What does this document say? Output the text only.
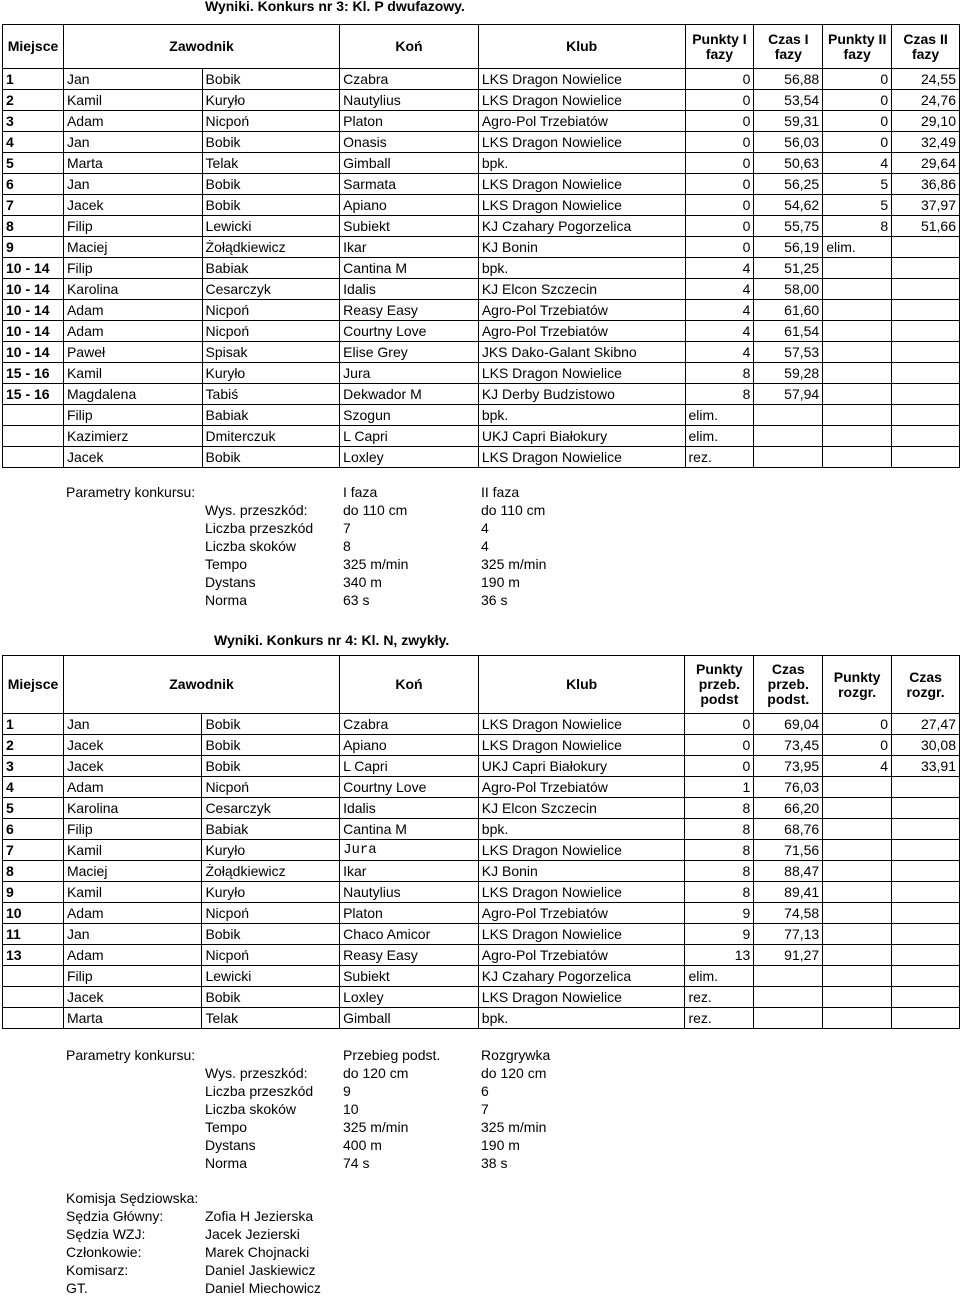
Wyniki. Konkurs nr 3: Kl. P dwufazowy.
Miejsce	Zawodnik		Koń	Klub	Punkty I fazy	Czas I fazy	Punkty II fazy	Czas II fazy
1	Jan	Bobik	Czabra	LKS Dragon Nowielice	0	56,88	0	24,55
2	Kamil	Kuryło	Nautylius	LKS Dragon Nowielice	0	53,54	0	24,76
3	Adam	Nicpoń	Platon	Agro-Pol Trzebiatów	0	59,31	0	29,10
4	Jan	Bobik	Onasis	LKS Dragon Nowielice	0	56,03	0	32,49
5	Marta	Telak	Gimball	bpk.	0	50,63	4	29,64
6	Jan	Bobik	Sarmata	LKS Dragon Nowielice	0	56,25	5	36,86
7	Jacek	Bobik	Apiano	LKS Dragon Nowielice	0	54,62	5	37,97
8	Filip	Lewicki	Subiekt	KJ Czahary Pogorzelica	0	55,75	8	51,66
9	Maciej	Żołądkiewicz	Ikar	KJ Bonin	0	56,19	elim.	
10 - 14	Filip	Babiak	Cantina M	bpk.	4	51,25		
10 - 14	Karolina	Cesarczyk	Idalis	KJ Elcon Szczecin	4	58,00		
10 - 14	Adam	Nicpoń	Reasy Easy	Agro-Pol Trzebiatów	4	61,60		
10 - 14	Adam	Nicpoń	Courtny Love	Agro-Pol Trzebiatów	4	61,54		
10 - 14	Paweł	Spisak	Elise Grey	JKS Dako-Galant Skibno	4	57,53		
15 - 16	Kamil	Kuryło	Jura	LKS Dragon Nowielice	8	59,28		
15 - 16	Magdalena	Tabiś	Dekwador M	KJ Derby Budzistowo	8	57,94		
	Filip	Babiak	Szogun	bpk.	elim.			
	Kazimierz	Dmiterczuk	L Capri	UKJ Capri Białokury	elim.			
	Jacek	Bobik	Loxley	LKS Dragon Nowielice	rez.			
Parametry konkursu:	I faza	II faza
Wys. przeszkód:	do 110 cm	do 110 cm
Liczba przeszkód 7	4
Liczba skoków	8	4
Tempo	325 m/min	325 m/min
Dystans	340 m	190 m
Norma	63 s	36 s
Wyniki. Konkurs nr 4: Kl. N, zwykły.
Miejsce	Zawodnik		Koń	Klub	Punkty przeb. podst	Czas przeb. podst.	Punkty rozgr.	Czas rozgr.
1	Jan	Bobik	Czabra	LKS Dragon Nowielice	0	69,04	0	27,47
2	Jacek	Bobik	Apiano	LKS Dragon Nowielice	0	73,45	0	30,08
3	Jacek	Bobik	L Capri	UKJ Capri Białokury	0	73,95	4	33,91
4	Adam	Nicpoń	Courtny Love	Agro-Pol Trzebiatów	1	76,03		
5	Karolina	Cesarczyk	Idalis	KJ Elcon Szczecin	8	66,20		
6	Filip	Babiak	Cantina M	bpk.	8	68,76		
7	Kamil	Kuryło	Jura	LKS Dragon Nowielice	8	71,56		
8	Maciej	Żołądkiewicz	Ikar	KJ Bonin	8	88,47		
9	Kamil	Kuryło	Nautylius	LKS Dragon Nowielice	8	89,41		
10	Adam	Nicpoń	Platon	Agro-Pol Trzebiatów	9	74,58		
11	Jan	Bobik	Chaco Amicor	LKS Dragon Nowielice	9	77,13		
13	Adam	Nicpoń	Reasy Easy	Agro-Pol Trzebiatów	13	91,27		
	Filip	Lewicki	Subiekt	KJ Czahary Pogorzelica	elim.			
	Jacek	Bobik	Loxley	LKS Dragon Nowielice	rez.			
	Marta	Telak	Gimball	bpk.	rez.			
Parametry konkursu:	Przebieg podst.	Rozgrywka
Wys. przeszkód:	do 120 cm	do 120 cm
Liczba przeszkód 9	6
Liczba skoków	10	7
Tempo	325 m/min	325 m/min
Dystans	400 m	190 m
Norma	74 s	38 s
Komisja Sędziowska:
Sędzia Główny:	Zofia H Jezierska
Sędzia WZJ:	Jacek Jezierski
Członkowie:	Marek Chojnacki
Komisarz:	Daniel Jaskiewicz
GT.	Daniel Miechowicz
